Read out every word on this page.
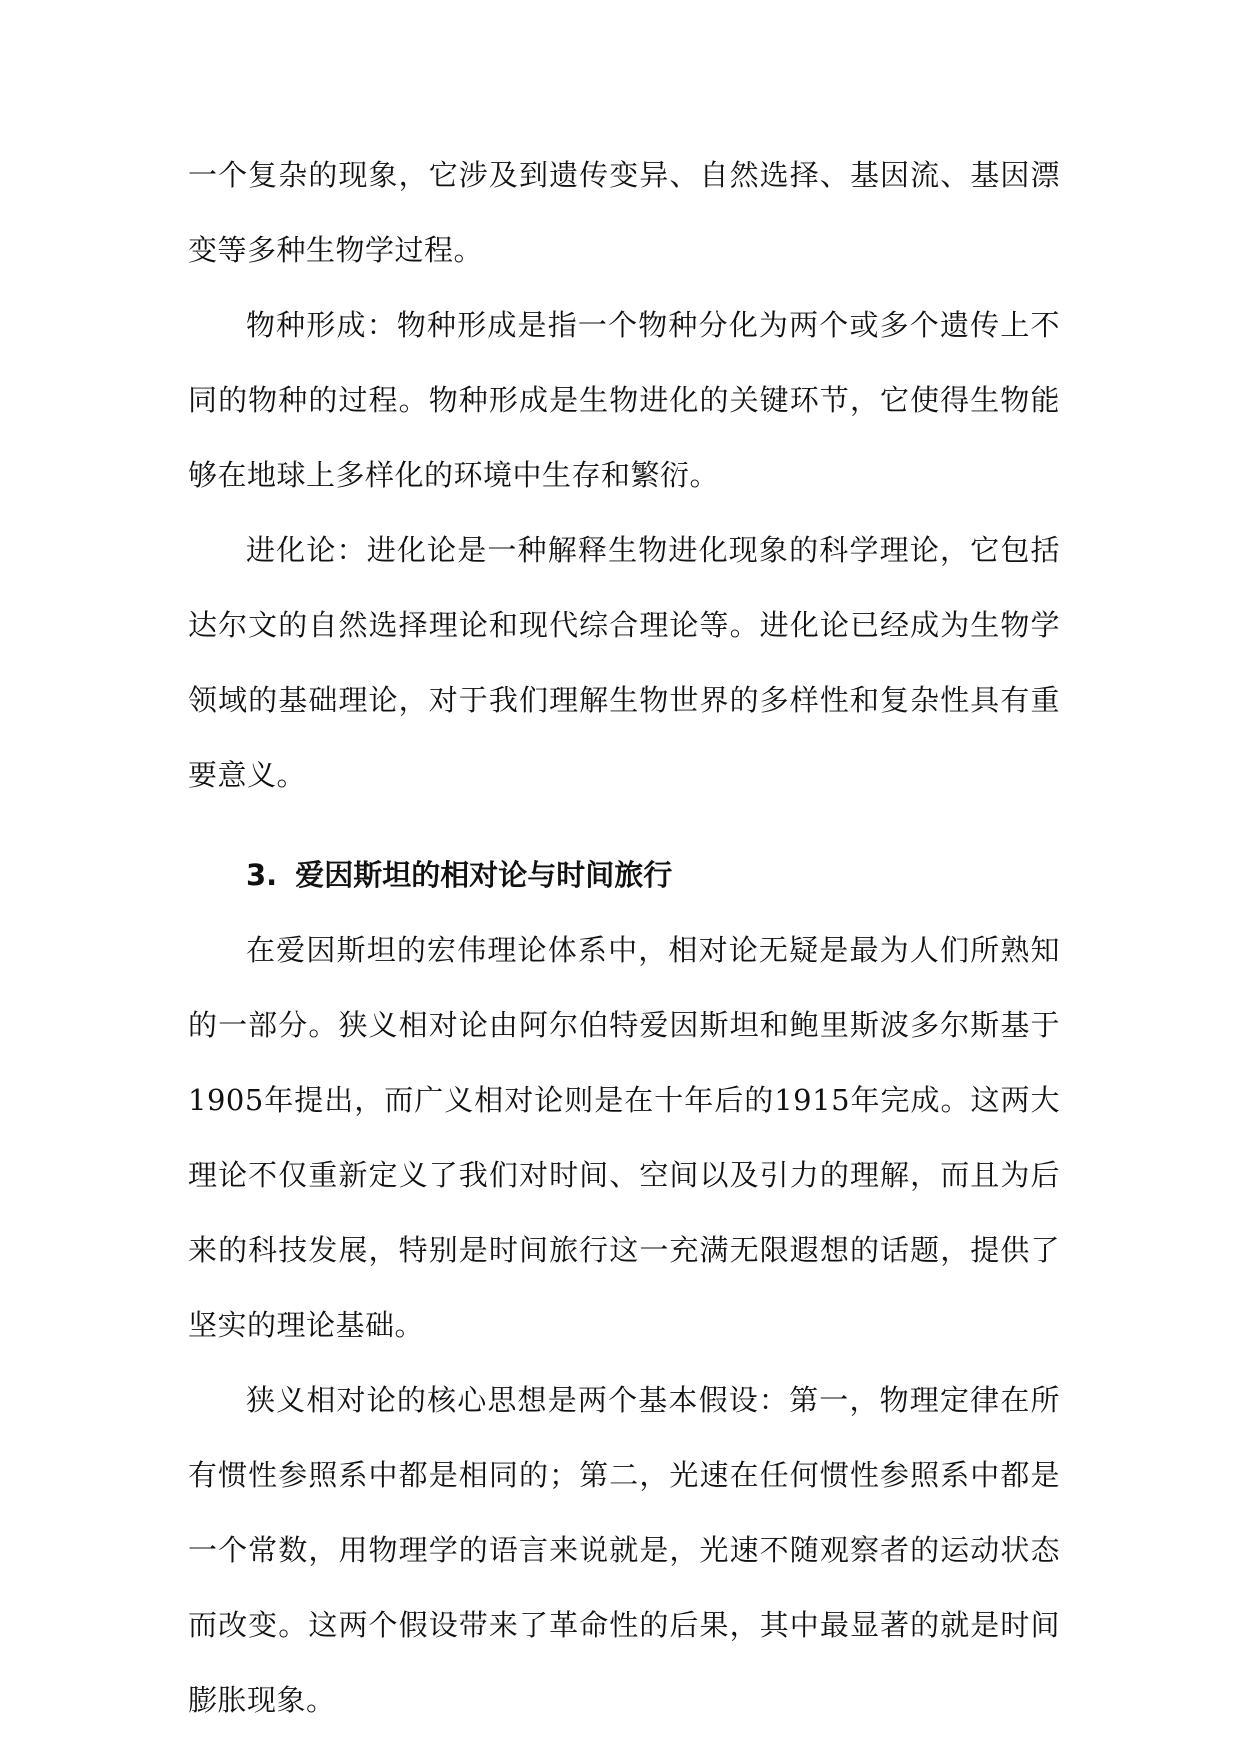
一个复杂的现象，它涉及到遗传变异、自然选择、基因流、基因漂变等多种生物学过程。

物种形成：物种形成是指一个物种分化为两个或多个遗传上不同的物种的过程。物种形成是生物进化的关键环节，它使得生物能够在地球上多样化的环境中生存和繁衍。

进化论：进化论是一种解释生物进化现象的科学理论，它包括达尔文的自然选择理论和现代综合理论等。进化论已经成为生物学领域的基础理论，对于我们理解生物世界的多样性和复杂性具有重要意义。

3. 爱因斯坦的相对论与时间旅行

在爱因斯坦的宏伟理论体系中，相对论无疑是最为人们所熟知的一部分。狭义相对论由阿尔伯特爱因斯坦和鲍里斯波多尔斯基于1905年提出，而广义相对论则是在十年后的1915年完成。这两大理论不仅重新定义了我们对时间、空间以及引力的理解，而且为后来的科技发展，特别是时间旅行这一充满无限遐想的话题，提供了坚实的理论基础。

狭义相对论的核心思想是两个基本假设：第一，物理定律在所有惯性参照系中都是相同的；第二，光速在任何惯性参照系中都是一个常数，用物理学的语言来说就是，光速不随观察者的运动状态而改变。这两个假设带来了革命性的后果，其中最显著的就是时间膨胀现象。
